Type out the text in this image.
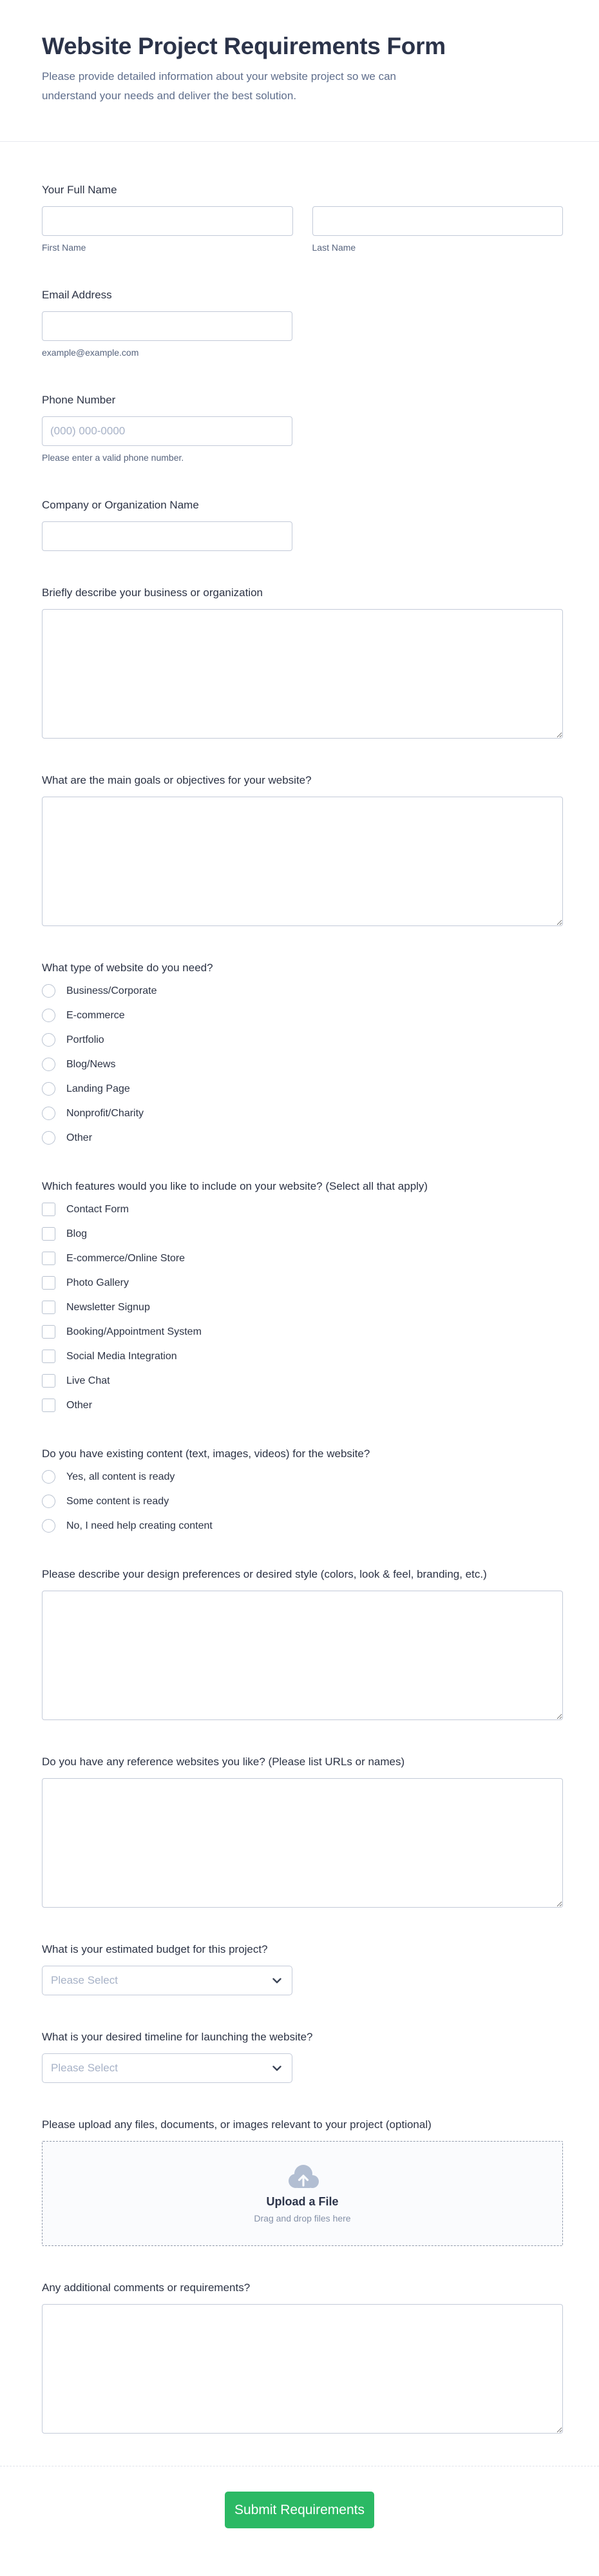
Website Project Requirements Form
Please provide detailed information about your website project so we can
understand your needs and deliver the best solution.
Your Full Name
First Name	Last Name
Email Address
example@example.com
Phone Number
(000) 000-0000
Please enter a valid phone number.
Company or Organization Name
Briefly describe your business or organization
What are the main goals or objectives for your website?
What type of website do you need?
Business/Corporate
E-commerce
Portfolio
Blog/News
Landing Page
Nonprofit/Charity
Other
Which features would you like to include on your website? (Select all that apply)
Contact Form
Blog
E-commerce/Online Store
Photo Gallery
Newsletter Signup
Booking/Appointment System
Social Media Integration
Live Chat
Other
Do you have existing content (text, images, videos) for the website?
Yes, all content is ready
Some content is ready
No, I need help creating content
Please describe your design preferences or desired style (colors, look & feel, branding, etc.)
Do you have any reference websites you like? (Please list URLs or names)
What is your estimated budget for this project?
Please Select
What is your desired timeline for launching the website?
Please Select
Please upload any files, documents, or images relevant to your project (optional)
Upload a File
Drag and drop files here
Any additional comments or requirements?
Submit Requirements
